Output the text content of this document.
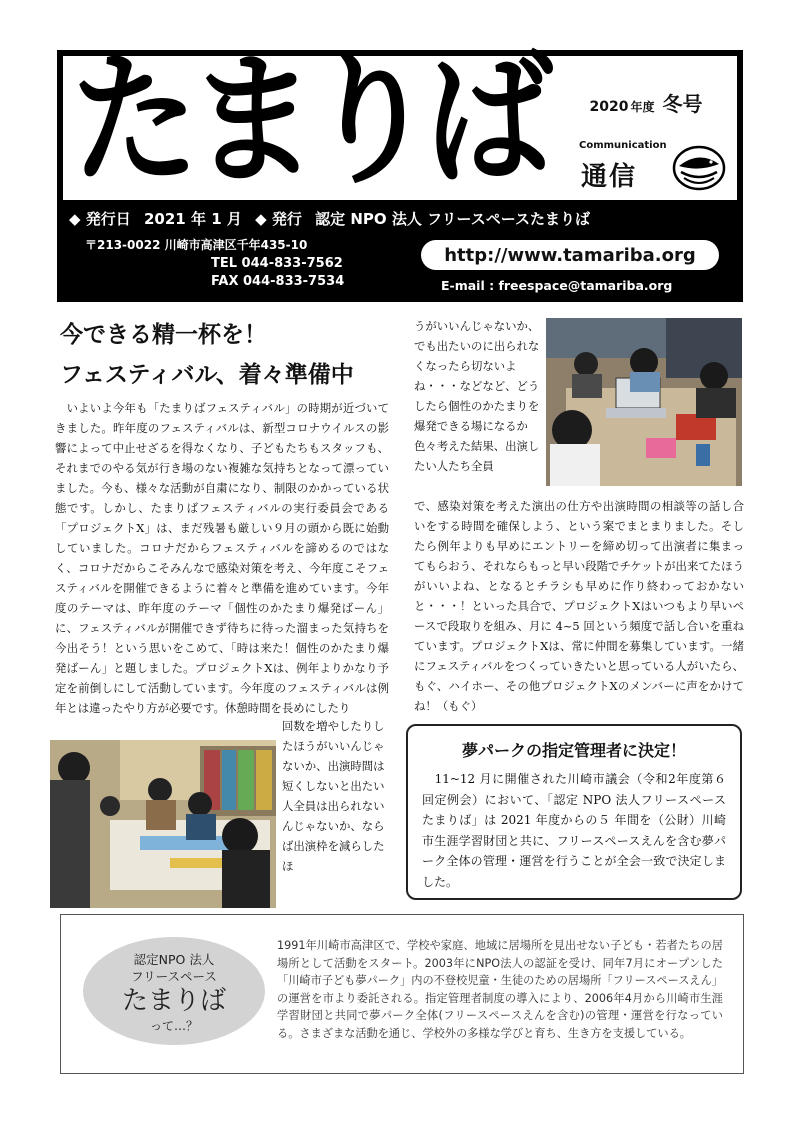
たまりば	2020 年度 冬号
Communication
通信
◆ 発行日 2021 年 1 月 ◆ 発行 認定 NPO 法人 フリースペースたまりば
〒213-0022 川崎市高津区千年435-10
TEL 044-833-7562
FAX 044-833-7534
http://www.tamariba.org
E-mail : freespace@tamariba.org
今できる精一杯を！
フェスティバル、着々準備中
　いよいよ今年も「たまりばフェスティバル」の時期が近づいてきました。昨年度のフェスティバルは、新型コロナウイルスの影響によって中止せざるを得なくなり、子どもたちもスタッフも、それまでのやる気が行き場のない複雑な気持ちとなって漂っていました。今も、様々な活動が自粛になり、制限のかかっている状態です。しかし、たまりばフェスティバルの実行委員会である「プロジェクトX」は、まだ残暑も厳しい９月の頭から既に始動していました。コロナだからフェスティバルを諦めるのではなく、コロナだからこそみんなで感染対策を考え、今年度こそフェスティバルを開催できるように着々と準備を進めています。今年度のテーマは、昨年度のテーマ「個性のかたまり爆発ばーん」に、フェスティバルが開催できず待ちに待った溜まった気持ちを今出そう！という思いをこめて、「時は来た！個性のかたまり爆発ばーん」と題しました。プロジェクトXは、例年よりかなり予定を前倒しにして活動しています。今年度のフェスティバルは例年とは違ったやり方が必要です。休憩時間を長めにしたり
回数を増やしたりしたほうがいいんじゃないか、出演時間は短くしないと出たい人全員は出られないんじゃないか、ならば出演枠を減らしたほ
うがいいんじゃないか、でも出たいのに出られなくなったら切ないよね・・・などなど、どうしたら個性のかたまりを爆発できる場になるか色々考えた結果、出演したい人たち全員
で、感染対策を考えた演出の仕方や出演時間の相談等の話し合いをする時間を確保しよう、という案でまとまりました。そしたら例年よりも早めにエントリーを締め切って出演者に集まってもらおう、それならもっと早い段階でチケットが出来てたほうがいいよね、となるとチラシも早めに作り終わっておかないと・・・！といった具合で、プロジェクトXはいつもより早いペースで段取りを組み、月に 4~5 回という頻度で話し合いを重ねています。プロジェクトXは、常に仲間を募集しています。一緒にフェスティバルをつくっていきたいと思っている人がいたら、もぐ、ハイホー、その他プロジェクトXのメンバーに声をかけてね！（もぐ）
夢パークの指定管理者に決定！
　11~12 月に開催された川崎市議会（令和2年度第６回定例会）において、「認定 NPO 法人フリースペースたまりば」は 2021 年度からの５ 年間を（公財）川崎市生涯学習財団と共に、フリースペースえんを含む夢パーク全体の管理・運営を行うことが全会一致で決定しました。
認定NPO 法人
フリースペース
たまりば
って…？
1991年川崎市高津区で、学校や家庭、地域に居場所を見出せない子ども・若者たちの居場所として活動をスタート。2003年にNPO法人の認証を受け、同年7月にオープンした「川崎市子ども夢パーク」内の不登校児童・生徒のための居場所「フリースペースえん」の運営を市より委託される。指定管理者制度の導入により、2006年4月から川崎市生涯学習財団と共同で夢パーク全体(フリースペースえんを含む)の管理・運営を行なっている。さまざまな活動を通じ、学校外の多様な学びと育ち、生き方を支援している。
